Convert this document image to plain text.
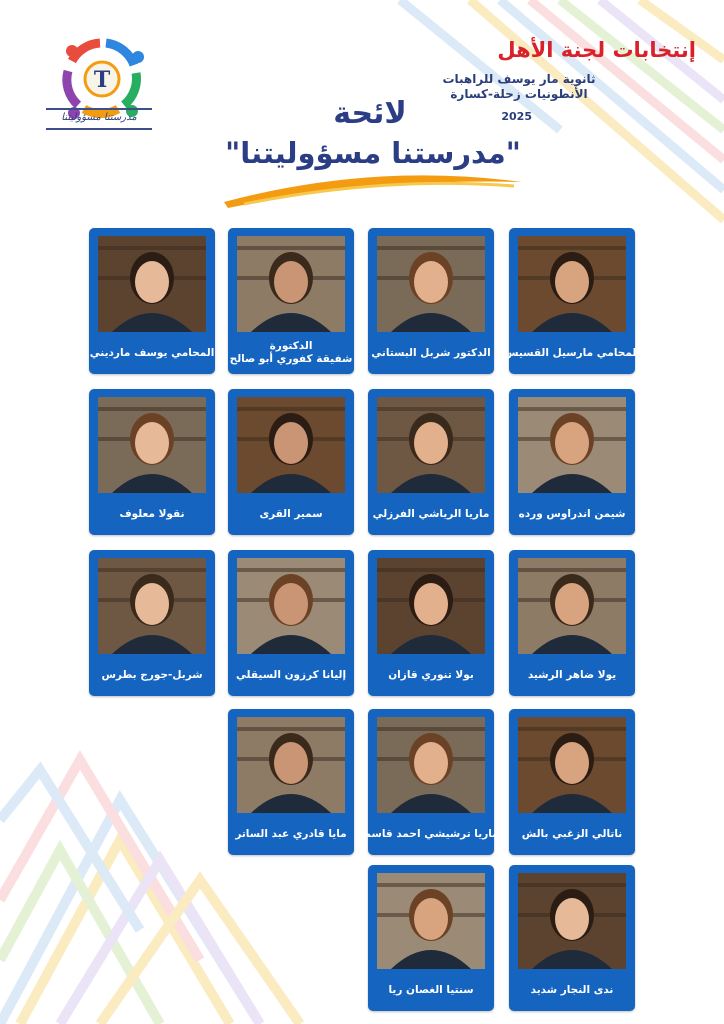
T
مدرستنا مسؤوليتنا
إنتخابات لجنة الأهل
ثانوية مار يوسف للراهبات
الأنطونيات زحلة-كسارة
2025
لائحة
"مدرستنا مسؤوليتنا"
المحامي مارسيل القسيس
الدكتور شربل البستاني
الدكتورة
شفيقة كفوري أبو صالح
المحامي يوسف مارديني
شيمن اندراوس ورده
ماريا الرياشي الفرزلي
سمير القرى
نقولا معلوف
يولا ضاهر الرشيد
بولا تنوري قازان
إليانا كرزون السيقلي
شربل-جورج بطرس
ناتالي الزغبي بالش
ماريا ترشيشي احمد قاسم
مايا قادري عبد الساتر
ندى النجار شديد
سنتيا الغصان ريا
